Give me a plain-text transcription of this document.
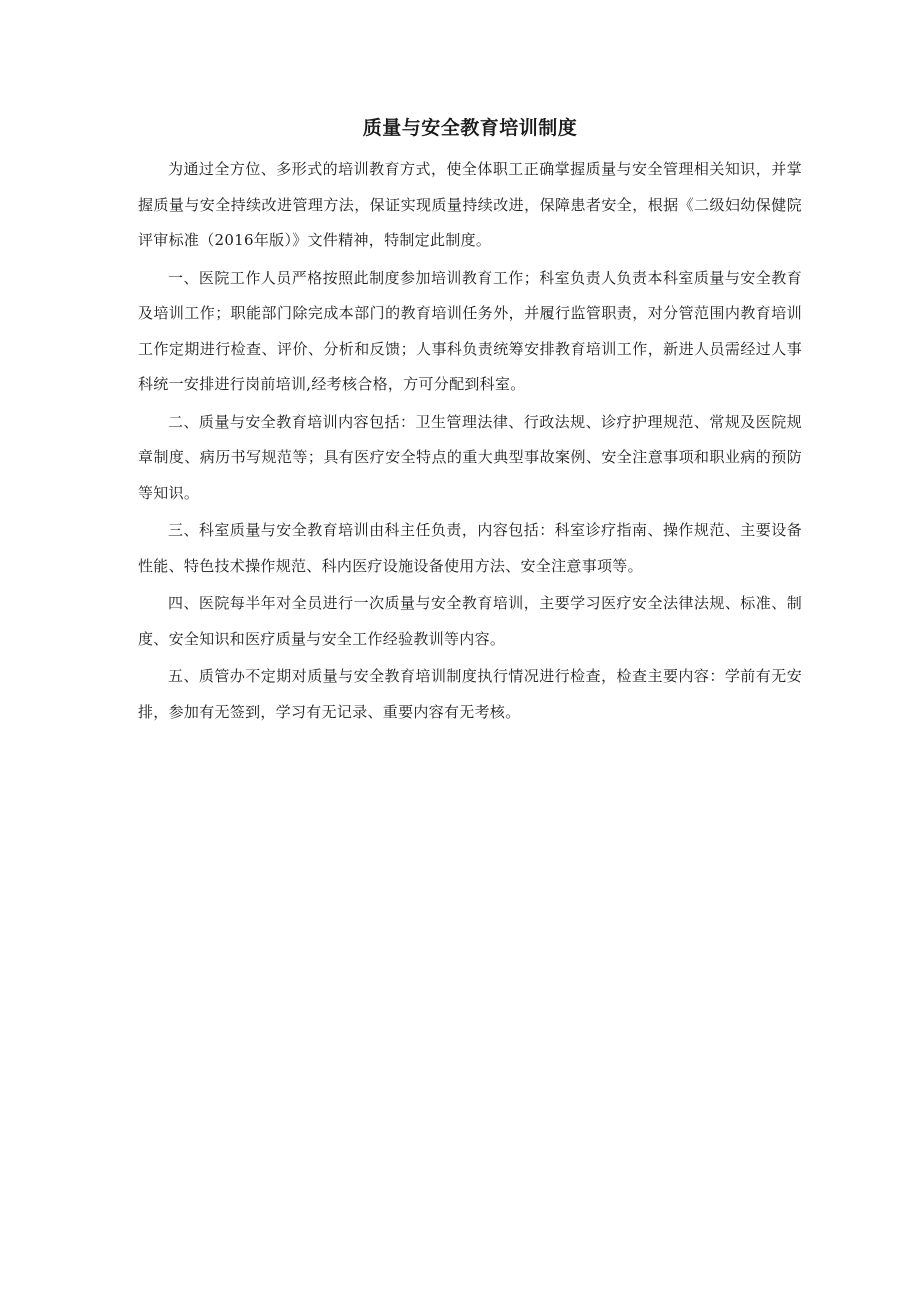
质量与安全教育培训制度

为通过全方位、多形式的培训教育方式，使全体职工正确掌握质量与安全管理相关知识，并掌握质量与安全持续改进管理方法，保证实现质量持续改进，保障患者安全，根据《二级妇幼保健院评审标准（2016年版）》文件精神，特制定此制度。

一、医院工作人员严格按照此制度参加培训教育工作；科室负责人负责本科室质量与安全教育及培训工作；职能部门除完成本部门的教育培训任务外，并履行监管职责，对分管范围内教育培训工作定期进行检查、评价、分析和反馈；人事科负责统筹安排教育培训工作，新进人员需经过人事科统一安排进行岗前培训,经考核合格，方可分配到科室。

二、质量与安全教育培训内容包括：卫生管理法律、行政法规、诊疗护理规范、常规及医院规章制度、病历书写规范等；具有医疗安全特点的重大典型事故案例、安全注意事项和职业病的预防等知识。

三、科室质量与安全教育培训由科主任负责，内容包括：科室诊疗指南、操作规范、主要设备性能、特色技术操作规范、科内医疗设施设备使用方法、安全注意事项等。

四、医院每半年对全员进行一次质量与安全教育培训，主要学习医疗安全法律法规、标准、制度、安全知识和医疗质量与安全工作经验教训等内容。

五、质管办不定期对质量与安全教育培训制度执行情况进行检查，检查主要内容：学前有无安排，参加有无签到，学习有无记录、重要内容有无考核。
